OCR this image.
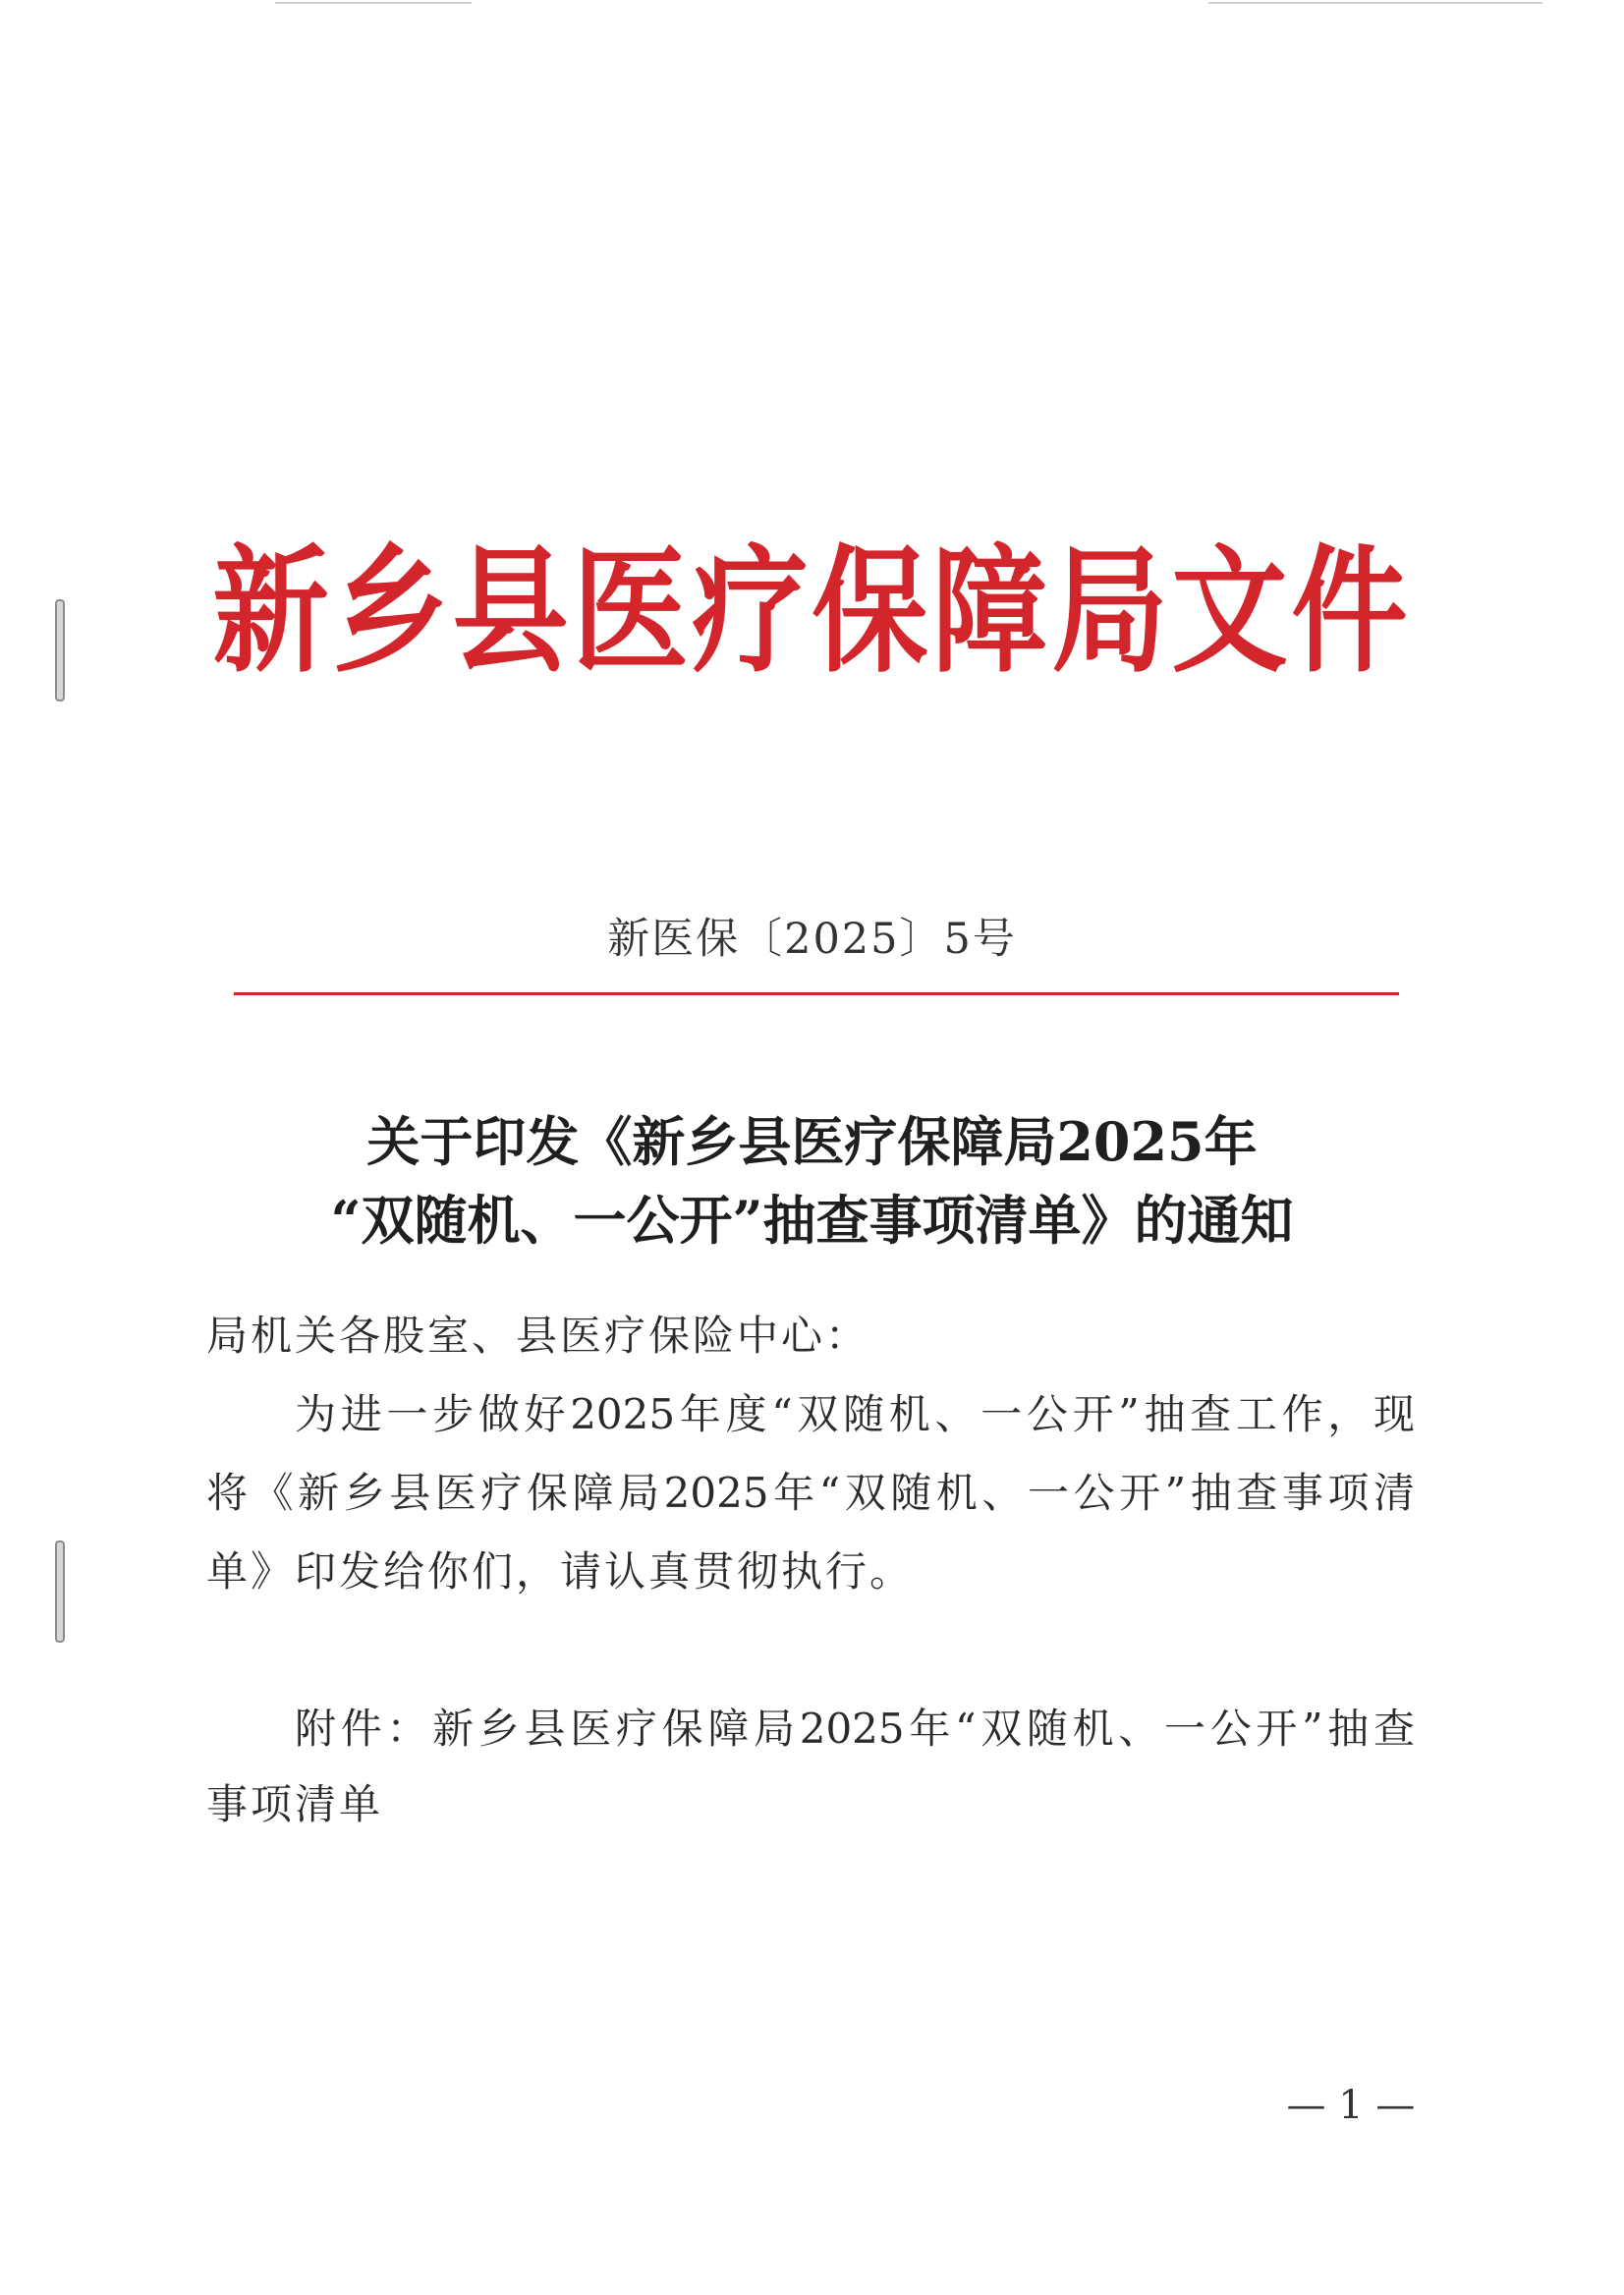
新乡县医疗保障局文件
新医保〔2025〕5号
关于印发《新乡县医疗保障局2025年
“双随机、一公开”抽查事项清单》的通知
局机关各股室、县医疗保险中心：
为进一步做好2025年度“双随机、一公开”抽查工作，现
将《新乡县医疗保障局2025年“双随机、一公开”抽查事项清
单》印发给你们，请认真贯彻执行。
附件：新乡县医疗保障局2025年“双随机、一公开”抽查
事项清单
— 1 —
